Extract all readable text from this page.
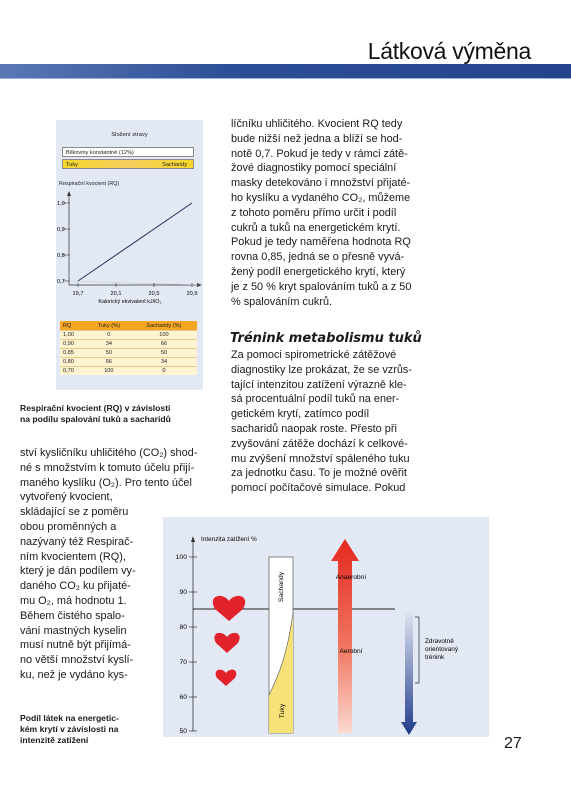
Látková výměna
Složení stravy
Bílkoviny konstantně (12%)
Tuky	Sacharidy
Respirační kvocient (RQ)
1,0
0,9
0,8
0,7
19,7	20,1	20,5	20,9
Kalorický ekvivalent kJ/lO₂
RQ	Tuky (%)	Sacharidy (%)
1,00	0	100
0,90	34	66
0,85	50	50
0,80	66	34
0,70	100	0
Respirační kvocient (RQ) v závislosti
na podílu spalování tuků a sacharidů
líčníku uhličitého. Kvocient RQ tedy
bude nižší než jedna a blíží se hod-
notě 0,7. Pokud je tedy v rámci zátě-
žové diagnostiky pomocí speciální
masky detekováno i množství přijaté-
ho kyslíku a vydaného CO₂, můžeme
z tohoto poměru přímo určit i podíl
cukrů a tuků na energetickém krytí.
Pokud je tedy naměřena hodnota RQ
rovna 0,85, jedná se o přesně vyvá-
žený podíl energetického krytí, který
je z 50 % kryt spalováním tuků a z 50
% spalováním cukrů.
Trénink metabolismu tuků
Za pomoci spirometrické zátěžové
diagnostiky lze prokázat, že se vzrůs-
tající intenzitou zatížení výrazně kle-
sá procentuální podíl tuků na ener-
getickém krytí, zatímco podíl
sacharidů naopak roste. Přesto při
zvyšování zátěže dochází k celkové-
mu zvýšení množství spáleného tuku
za jednotku času. To je možné ověřit
pomocí počítačové simulace. Pokud
ství kysličníku uhličitého (CO₂) shod-
né s množstvím k tomuto účelu přijí-
maného kyslíku (O₂). Pro tento účel
vytvořený kvocient,
skládající se z poměru
obou proměnných a
nazývaný též Respirač-
ním kvocientem (RQ),
který je dán podílem vy-
daného CO₂ ku přijaté-
mu O₂, má hodnotu 1.
Během čistého spalo-
vání mastných kyselin
musí nutně být přijímá-
no větší množství kyslí-
ku, než je vydáno kys-
Podíl látek na energetic-
kém krytí v závislosti na
intenzitě zatížení
Intenzita zatížení %
100
90
80
70
60
50
Sacharidy
Tuky
Anaerobní
Aerobní
Zdravotně
orientovaný
trénink
27
